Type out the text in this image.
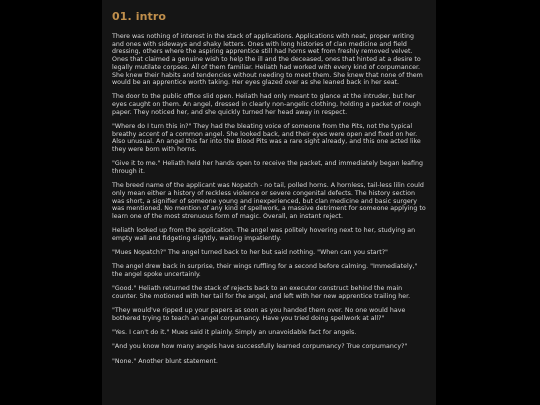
01. intro

There was nothing of interest in the stack of applications. Applications with neat, proper writing and ones with sideways and shaky letters. Ones with long histories of clan medicine and field dressing, others where the aspiring apprentice still had horns wet from freshly removed velvet. Ones that claimed a genuine wish to help the ill and the deceased, ones that hinted at a desire to legally mutilate corpses. All of them familiar. Heliath had worked with every kind of corpumancer. She knew their habits and tendencies without needing to meet them. She knew that none of them would be an apprentice worth taking. Her eyes glazed over as she leaned back in her seat.

The door to the public office slid open. Heliath had only meant to glance at the intruder, but her eyes caught on them. An angel, dressed in clearly non-angelic clothing, holding a packet of rough paper. They noticed her, and she quickly turned her head away in respect.

"Where do I turn this in?" They had the bleating voice of someone from the Pits, not the typical breathy accent of a common angel. She looked back, and their eyes were open and fixed on her. Also unusual. An angel this far into the Blood Pits was a rare sight already, and this one acted like they were born with horns.

"Give it to me." Heliath held her hands open to receive the packet, and immediately began leafing through it.

The breed name of the applicant was Nopatch - no tail, polled horns. A hornless, tail-less lilin could only mean either a history of reckless violence or severe congenital defects. The history section was short, a signifier of someone young and inexperienced, but clan medicine and basic surgery was mentioned. No mention of any kind of spellwork, a massive detriment for someone applying to learn one of the most strenuous form of magic. Overall, an instant reject.

Heliath looked up from the application. The angel was politely hovering next to her, studying an empty wall and fidgeting slightly, waiting impatiently.

"Mues Nopatch?" The angel turned back to her but said nothing. "When can you start?"

The angel drew back in surprise, their wings ruffling for a second before calming. "Immediately," the angel spoke uncertainly.

"Good." Heliath returned the stack of rejects back to an executor construct behind the main counter. She motioned with her tail for the angel, and left with her new apprentice trailing her.

"They would've ripped up your papers as soon as you handed them over. No one would have bothered trying to teach an angel corpumancy. Have you tried doing spellwork at all?"

"Yes. I can't do it." Mues said it plainly. Simply an unavoidable fact for angels.

"And you know how many angels have successfully learned corpumancy? True corpumancy?"

"None." Another blunt statement.
